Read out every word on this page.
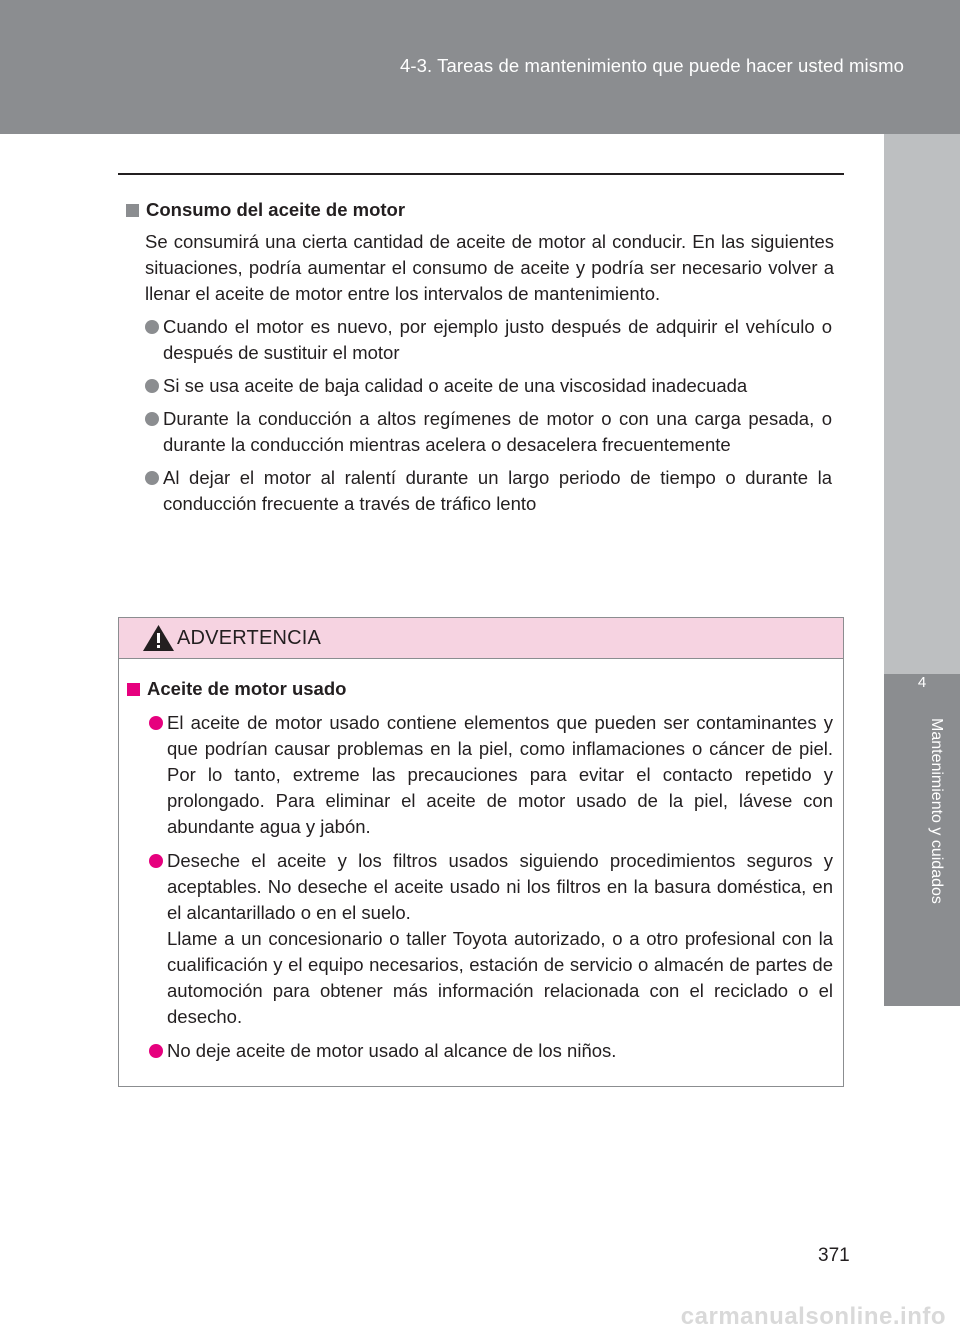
4-3. Tareas de mantenimiento que puede hacer usted mismo
4
Mantenimiento y cuidados
Consumo del aceite de motor
Se consumirá una cierta cantidad de aceite de motor al conducir. En las siguientes situaciones, podría aumentar el consumo de aceite y podría ser necesario volver a llenar el aceite de motor entre los intervalos de mantenimiento.
Cuando el motor es nuevo, por ejemplo justo después de adquirir el vehículo o después de sustituir el motor
Si se usa aceite de baja calidad o aceite de una viscosidad inadecuada
Durante la conducción a altos regímenes de motor o con una carga pesada, o durante la conducción mientras acelera o desacelera frecuentemente
Al dejar el motor al ralentí durante un largo periodo de tiempo o durante la conducción frecuente a través de tráfico lento
ADVERTENCIA
Aceite de motor usado
El aceite de motor usado contiene elementos que pueden ser contaminantes y que podrían causar problemas en la piel, como inflamaciones o cáncer de piel. Por lo tanto, extreme las precauciones para evitar el contacto repetido y prolongado. Para eliminar el aceite de motor usado de la piel, lávese con abundante agua y jabón.
Deseche el aceite y los filtros usados siguiendo procedimientos seguros y aceptables. No deseche el aceite usado ni los filtros en la basura doméstica, en el alcantarillado o en el suelo.
Llame a un concesionario o taller Toyota autorizado, o a otro profesional con la cualificación y el equipo necesarios, estación de servicio o almacén de partes de automoción para obtener más información relacionada con el reciclado o el desecho.
No deje aceite de motor usado al alcance de los niños.
371
carmanualsonline.info
